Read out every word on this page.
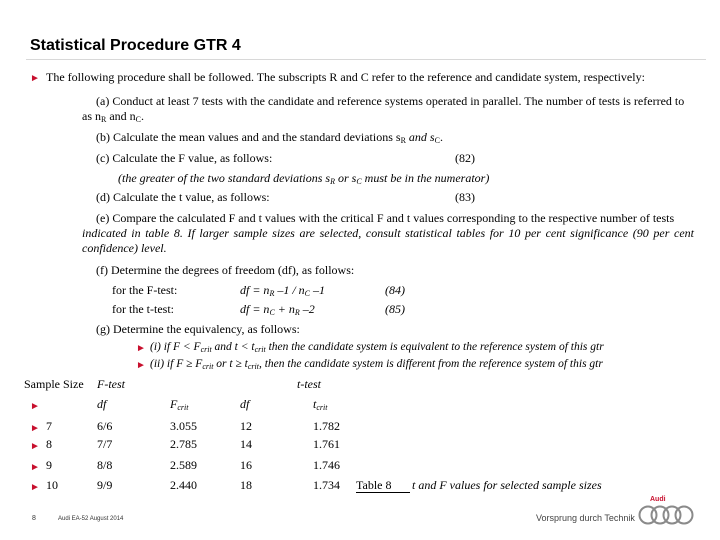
Statistical Procedure GTR 4
► The following procedure shall be followed. The subscripts R and C refer to the reference and candidate system, respectively:
(a) Conduct at least 7 tests with the candidate and reference systems operated in parallel. The number of tests is referred to
as $n_R$ and $n_C$.
(b) Calculate the mean values and and the standard deviations $s_R$ and $s_C$.
(c) Calculate the F value, as follows:	(82)
(the greater of the two standard deviations $s_R$ or $s_C$ must be in the numerator)
(d) Calculate the t value, as follows:	(83)
(e) Compare the calculated F and t values with the critical F and t values corresponding to the respective number of tests
indicated in table 8. If larger sample sizes are selected, consult statistical tables for 10 per cent significance (90 per cent
confidence) level.
(f) Determine the degrees of freedom (df), as follows:
for the F-test:	df = $n_R$ $-1 / n_C$ –1	(84)
for the t-test:	df = $n_C + n_R$ –2	(85)
(g) Determine the equivalency, as follows:
► (i) if $F < F_{crit}$ and $t < t_{crit}$ then the candidate system is equivalent to the reference system of this gtr
► (ii) if $F \ge F_{crit}$ or $t \ge t_{crit}$, then the candidate system is different from the reference system of this gtr
Sample Size F-test	t-test
►	df	$F_{crit}$	df	$t_{crit}$
► 7	6/6	3.055	12	1.782
► 8	7/7	2.785	14	1.761
► 9	8/8	2.589	16	1.746
► 10	9/9	2.440	18	1.734 Table 8 t and F values for selected sample sizes
8	Audi EA-52 August 2014
Audi
Vorsprung durch Technik
